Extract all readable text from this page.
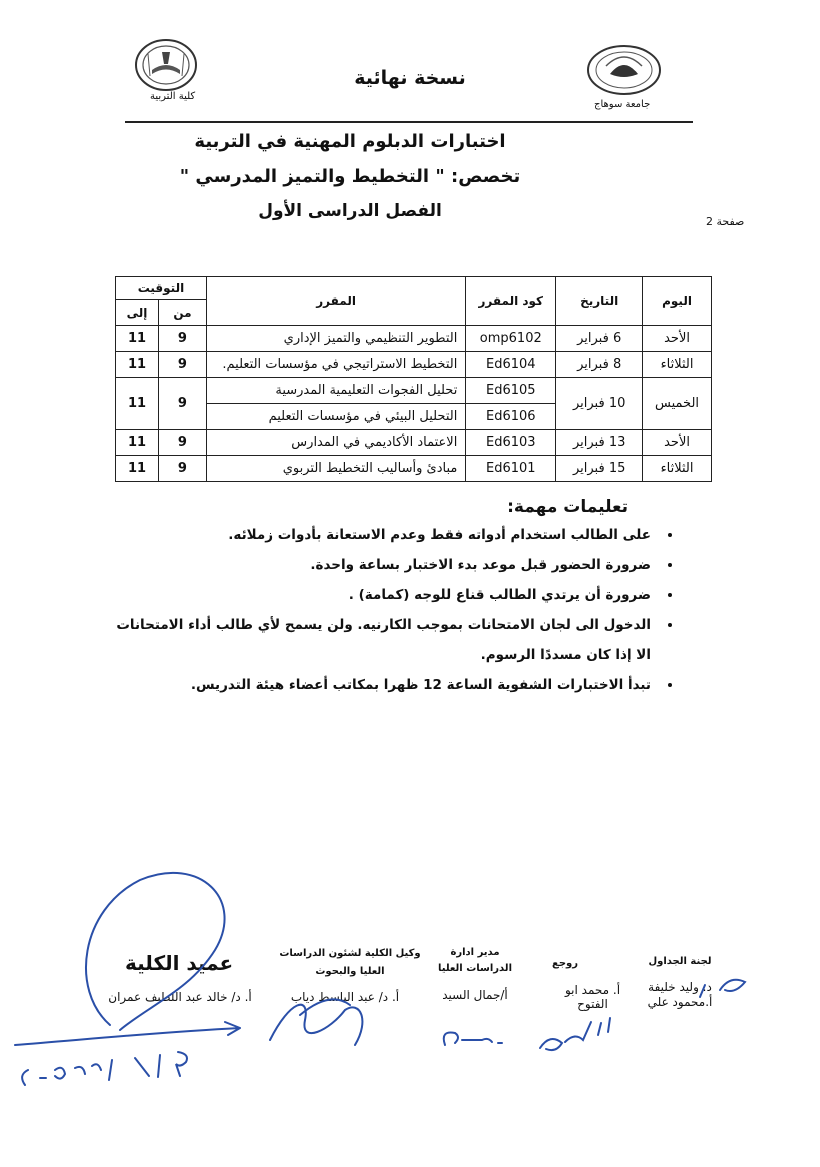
كلية التربية
جامعة سوهاج
نسخة نهائية
اختبارات الدبلوم المهنية في التربية
تخصص: " التخطيط والتميز المدرسي "
الفصل الدراسى الأول
صفحة 2
اليوم	التاريخ	كود المقرر	المقرر	التوقيت	
				من	إلى
الأحد	6 فبراير	omp6102	التطوير التنظيمي والتميز الإداري	9	11
الثلاثاء	8 فبراير	Ed6104	التخطيط الاستراتيجي في مؤسسات التعليم.	9	11
الخميس	10 فبراير	Ed6105	تحليل الفجوات التعليمية المدرسية	9	11
		Ed6106	التحليل البيئي في مؤسسات التعليم		
الأحد	13 فبراير	Ed6103	الاعتماد الأكاديمي في المدارس	9	11
الثلاثاء	15 فبراير	Ed6101	مبادئ وأساليب التخطيط التربوي	9	11
تعليمات مهمة:
• على الطالب استخدام أدواته فقط وعدم الاستعانة بأدوات زملائه.
• ضرورة الحضور قبل موعد بدء الاختبار بساعة واحدة.
• ضرورة أن يرتدي الطالب قناع للوجه (كمامة) .
• الدخول الى لجان الامتحانات بموجب الكارنيه. ولن يسمح لأي طالب أداء الامتحانات الا إذا كان مسددًا الرسوم.
• تبدأ الاختبارات الشفوية الساعة 12 ظهرا بمكاتب أعضاء هيئة التدريس.
لجنة الجداول
د. وليد خليفة
أ.محمود علي
روجع
أ. محمد ابو الفتوح
مدير ادارة الدراسات العليا
أ/جمال السيد
وكيل الكلية لشئون الدراسات العليا والبحوث
أ. د/ عبد الباسط دياب
عميد الكلية
أ. د/ خالد عبد اللطيف عمران
